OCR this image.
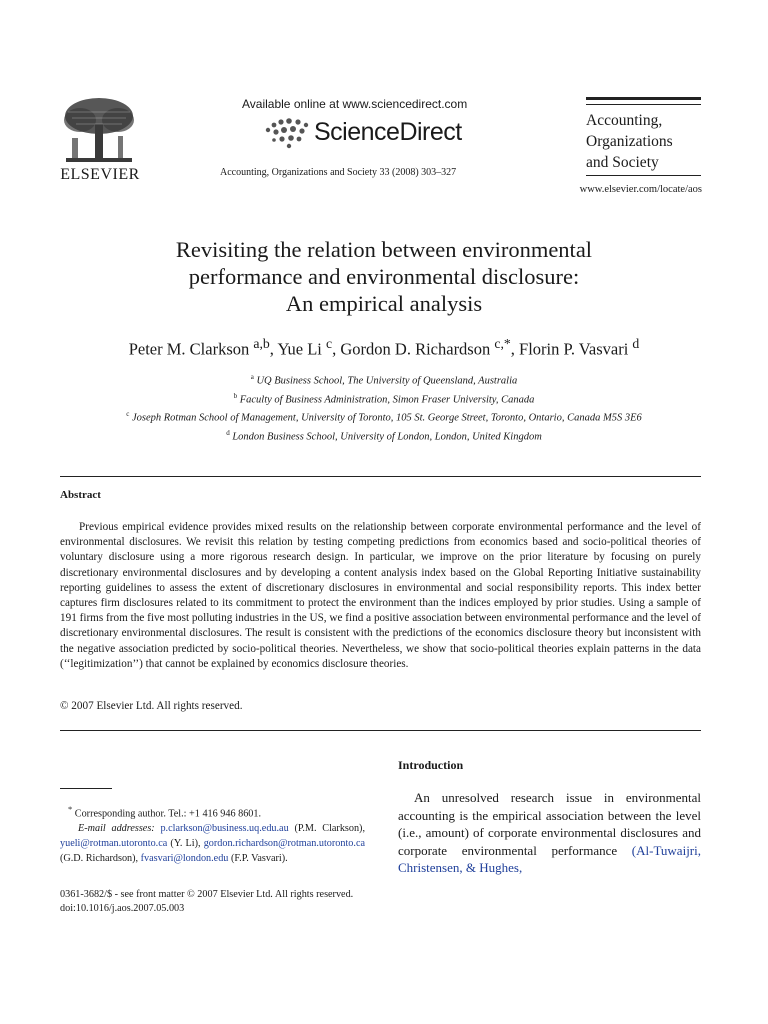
ELSEVIER
Available online at www.sciencedirect.com
ScienceDirect
Accounting, Organizations and Society 33 (2008) 303–327
Accounting,
Organizations
and Society
www.elsevier.com/locate/aos
Revisiting the relation between environmental
performance and environmental disclosure:
An empirical analysis
Peter M. Clarkson $^{a,b}$, Yue Li $^c$, Gordon D. Richardson $^{c,*}$, Florin P. Vasvari $^d$
$^a$ UQ Business School, The University of Queensland, Australia
$^b$ Faculty of Business Administration, Simon Fraser University, Canada
$^c$ Joseph Rotman School of Management, University of Toronto, 105 St. George Street, Toronto, Ontario, Canada M5S 3E6
$^d$ London Business School, University of London, London, United Kingdom
Abstract

Previous empirical evidence provides mixed results on the relationship between corporate environmental performance and the level of environmental disclosures. We revisit this relation by testing competing predictions from economics based and socio-political theories of voluntary disclosure using a more rigorous research design. In particular, we improve on the prior literature by focusing on purely discretionary environmental disclosures and by developing a content analysis index based on the Global Reporting Initiative sustainability reporting guidelines to assess the extent of discretionary disclosures in environmental and social responsibility reports. This index better captures firm disclosures related to its commitment to protect the environment than the indices employed by prior studies. Using a sample of 191 firms from the five most polluting industries in the US, we find a positive association between environmental performance and the level of discretionary environmental disclosures. The result is consistent with the predictions of the economics disclosure theory but inconsistent with the negative association predicted by socio-political theories. Nevertheless, we show that socio-political theories explain patterns in the data (‘‘legitimization’’) that cannot be explained by economics disclosure theories.

© 2007 Elsevier Ltd. All rights reserved.
Introduction
An unresolved research issue in environmental accounting is the empirical association between the level (i.e., amount) of corporate environmental disclosures and corporate environmental performance (Al-Tuwaijri, Christensen, & Hughes,
* Corresponding author. Tel.: +1 416 946 8601.
E-mail addresses: p.clarkson@business.uq.edu.au (P.M. Clarkson), yueli@rotman.utoronto.ca (Y. Li), gordon.richardson@rotman.utoronto.ca (G.D. Richardson), fvasvari@london.edu (F.P. Vasvari).
0361-3682/$ - see front matter © 2007 Elsevier Ltd. All rights reserved.
doi:10.1016/j.aos.2007.05.003
